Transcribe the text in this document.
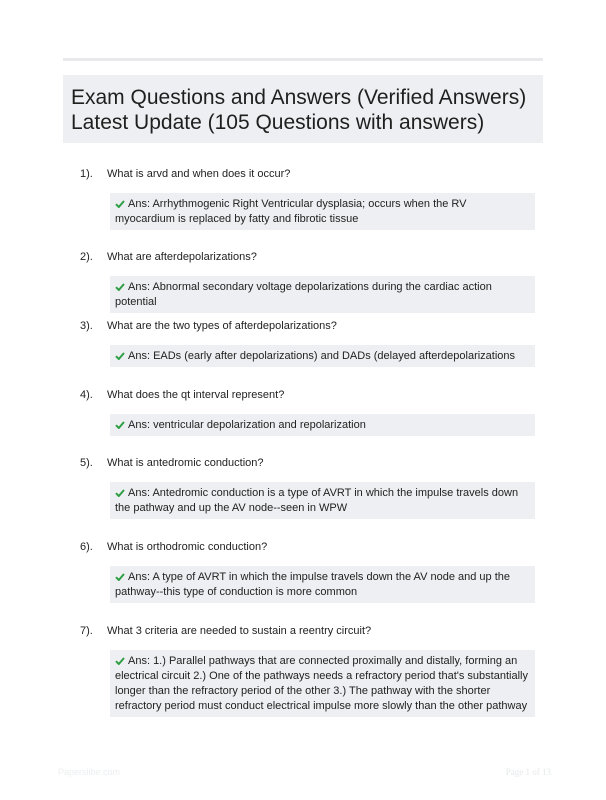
Exam Questions and Answers (Verified Answers)
Latest Update (105 Questions with answers)
1).	What is arvd and when does it occur?
Ans: Arrhythmogenic Right Ventricular dysplasia; occurs when the RV myocardium is replaced by fatty and fibrotic tissue
2).	What are afterdepolarizations?
Ans: Abnormal secondary voltage depolarizations during the cardiac action potential
3).	What are the two types of afterdepolarizations?
Ans: EADs (early after depolarizations) and DADs (delayed afterdepolarizations
4).	What does the qt interval represent?
Ans: ventricular depolarization and repolarization
5).	What is antedromic conduction?
Ans: Antedromic conduction is a type of AVRT in which the impulse travels down the pathway and up the AV node--seen in WPW
6).	What is orthodromic conduction?
Ans: A type of AVRT in which the impulse travels down the AV node and up the pathway--this type of conduction is more common
7).	What 3 criteria are needed to sustain a reentry circuit?
Ans: 1.) Parallel pathways that are connected proximally and distally, forming an electrical circuit 2.) One of the pathways needs a refractory period that's substantially longer than the refractory period of the other 3.) The pathway with the shorter refractory period must conduct electrical impulse more slowly than the other pathway
Paperslibe.com	Page 1 of 13
